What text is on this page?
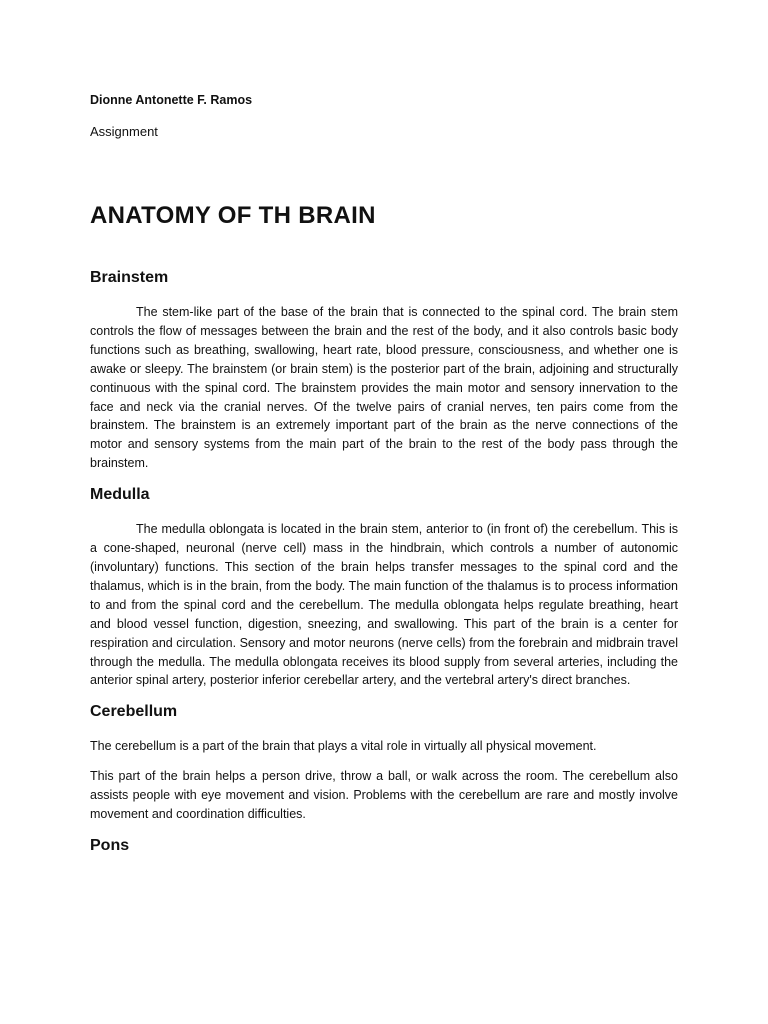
Dionne Antonette F. Ramos

Assignment

ANATOMY OF TH BRAIN
Brainstem

The stem-like part of the base of the brain that is connected to the spinal cord. The brain stem controls the flow of messages between the brain and the rest of the body, and it also controls basic body functions such as breathing, swallowing, heart rate, blood pressure, consciousness, and whether one is awake or sleepy. The brainstem (or brain stem) is the posterior part of the brain, adjoining and structurally continuous with the spinal cord. The brainstem provides the main motor and sensory innervation to the face and neck via the cranial nerves. Of the twelve pairs of cranial nerves, ten pairs come from the brainstem. The brainstem is an extremely important part of the brain as the nerve connections of the motor and sensory systems from the main part of the brain to the rest of the body pass through the brainstem.

Medulla

The medulla oblongata is located in the brain stem, anterior to (in front of) the cerebellum. This is a cone-shaped, neuronal (nerve cell) mass in the hindbrain, which controls a number of autonomic (involuntary) functions. This section of the brain helps transfer messages to the spinal cord and the thalamus, which is in the brain, from the body. The main function of the thalamus is to process information to and from the spinal cord and the cerebellum. The medulla oblongata helps regulate breathing, heart and blood vessel function, digestion, sneezing, and swallowing. This part of the brain is a center for respiration and circulation. Sensory and motor neurons (nerve cells) from the forebrain and midbrain travel through the medulla. The medulla oblongata receives its blood supply from several arteries, including the anterior spinal artery, posterior inferior cerebellar artery, and the vertebral artery's direct branches.

Cerebellum

The cerebellum is a part of the brain that plays a vital role in virtually all physical movement.

This part of the brain helps a person drive, throw a ball, or walk across the room. The cerebellum also assists people with eye movement and vision. Problems with the cerebellum are rare and mostly involve movement and coordination difficulties.

Pons
